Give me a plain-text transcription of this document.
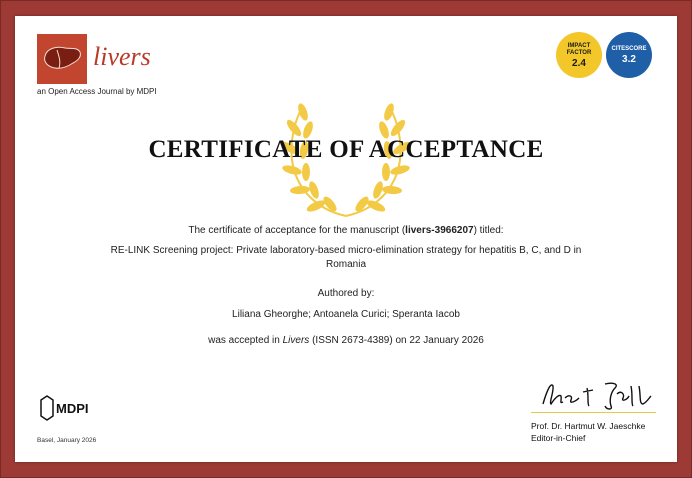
livers
an Open Access Journal by MDPI
IMPACT
FACTOR
2.4
CITESCORE
3.2
CERTIFICATE OF ACCEPTANCE
The certificate of acceptance for the manuscript (livers-3966207) titled:
RE-LINK Screening project: Private laboratory-based micro-elimination strategy for hepatitis B, C, and D in
Romania
Authored by:
Liliana Gheorghe; Antoanela Curici; Speranta Iacob
was accepted in Livers (ISSN 2673-4389) on 22 January 2026
MDPI
Basel, January 2026
Prof. Dr. Hartmut W. Jaeschke
Editor-in-Chief
